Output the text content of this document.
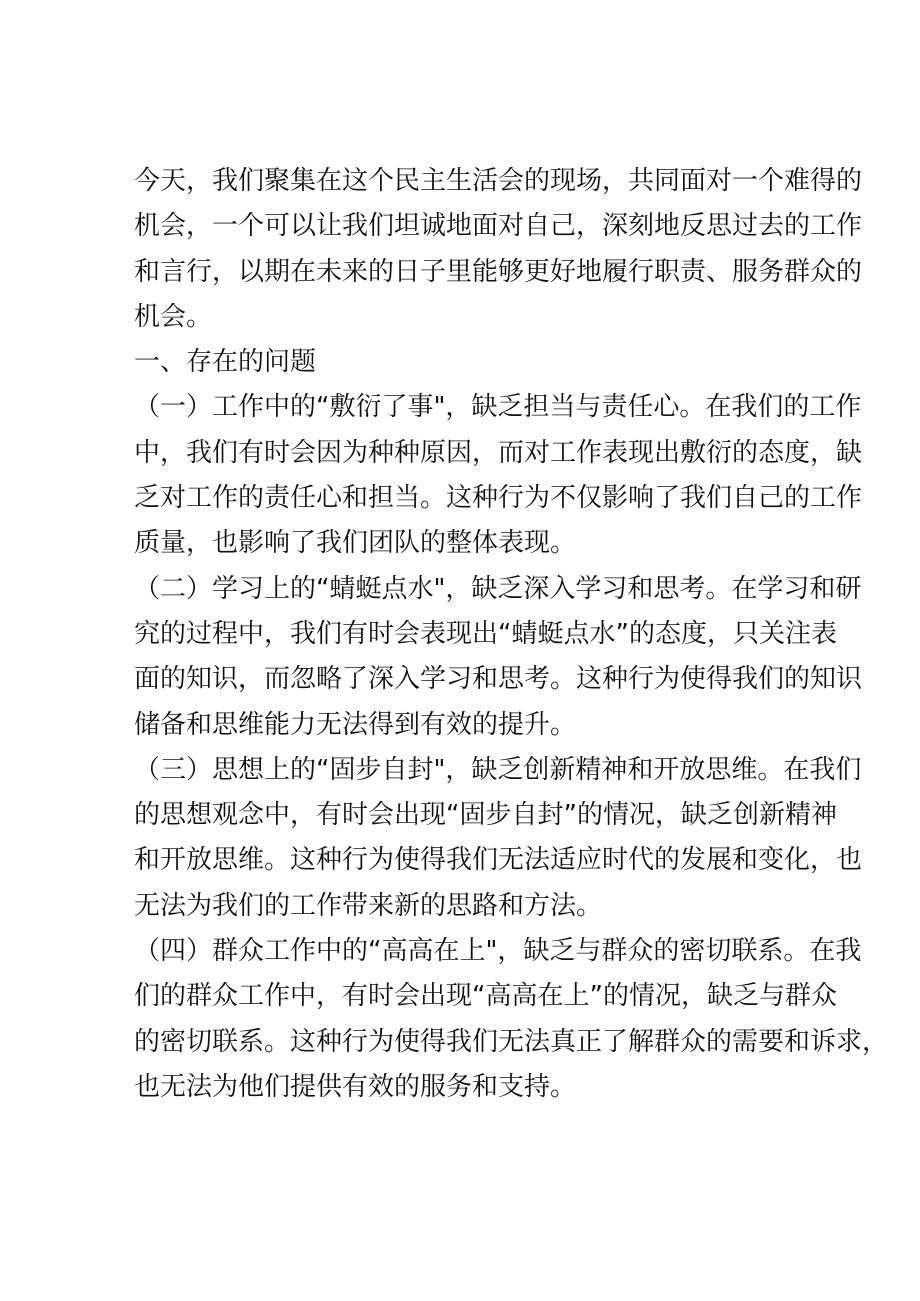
今天，我们聚集在这个民主生活会的现场，共同面对一个难得的
机会，一个可以让我们坦诚地面对自己，深刻地反思过去的工作
和言行，以期在未来的日子里能够更好地履行职责、服务群众的
机会。
一、存在的问题
（一）工作中的“敷衍了事"，缺乏担当与责任心。在我们的工作
中，我们有时会因为种种原因，而对工作表现出敷衍的态度，缺
乏对工作的责任心和担当。这种行为不仅影响了我们自己的工作
质量，也影响了我们团队的整体表现。
（二）学习上的“蜻蜓点水"，缺乏深入学习和思考。在学习和研
究的过程中，我们有时会表现出“蜻蜓点水”的态度，只关注表
面的知识，而忽略了深入学习和思考。这种行为使得我们的知识
储备和思维能力无法得到有效的提升。
（三）思想上的“固步自封"，缺乏创新精神和开放思维。在我们
的思想观念中，有时会出现“固步自封”的情况，缺乏创新精神
和开放思维。这种行为使得我们无法适应时代的发展和变化，也
无法为我们的工作带来新的思路和方法。
（四）群众工作中的“高高在上"，缺乏与群众的密切联系。在我
们的群众工作中，有时会出现“高高在上”的情况，缺乏与群众
的密切联系。这种行为使得我们无法真正了解群众的需要和诉求，
也无法为他们提供有效的服务和支持。
